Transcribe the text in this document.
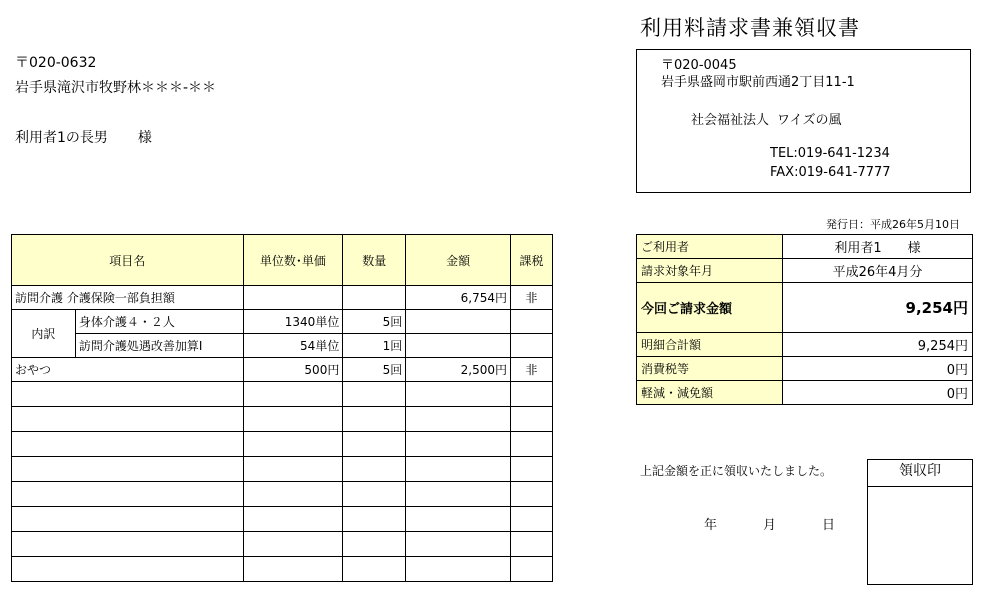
利用料請求書兼領収書
〒020-0632
岩手県滝沢市牧野林＊＊＊-＊＊
利用者1の長男 様
〒020-0045
岩手県盛岡市駅前西通2丁目11-1
社会福祉法人 ワイズの風
TEL:019-641-1234
FAX:019-641-7777
発行日：平成26年5月10日
項目名		単位数･単価	数量	金額	課税
訪問介護 介護保険一部負担額				6,754円	非
内訳	身体介護４・２人	1340単位	5回		
	訪問介護処遇改善加算Ⅰ	54単位	1回		
おやつ		500円	5回	2,500円	非

ご利用者	利用者1　　様
請求対象年月	平成26年4月分
今回ご請求金額	9,254円
明細合計額	9,254円
消費税等	0円
軽減・減免額	0円
上記金額を正に領収いたしました。
年	月	日
領収印
